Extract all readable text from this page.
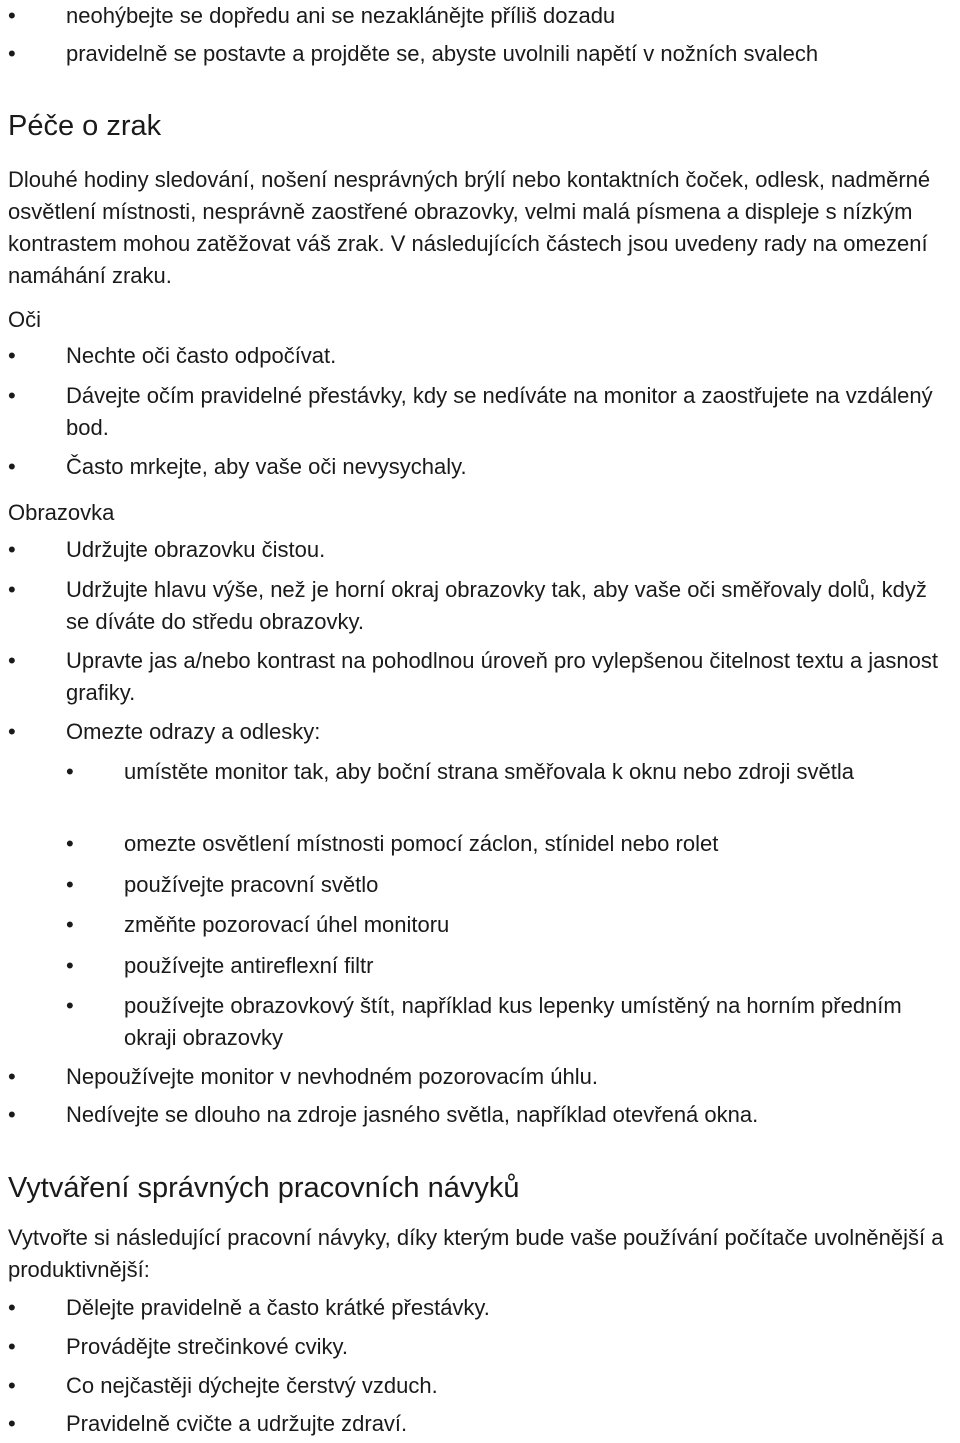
• neohýbejte se dopředu ani se nezaklánějte příliš dozadu
• pravidelně se postavte a projděte se, abyste uvolnili napětí v nožních svalech
Péče o zrak
Dlouhé hodiny sledování, nošení nesprávných brýlí nebo kontaktních čoček, odlesk, nadměrné osvětlení místnosti, nesprávně zaostřené obrazovky, velmi malá písmena a displeje s nízkým kontrastem mohou zatěžovat váš zrak. V následujících částech jsou uvedeny rady na omezení namáhání zraku.
Oči
• Nechte oči často odpočívat.
• Dávejte očím pravidelné přestávky, kdy se nedíváte na monitor a zaostřujete na vzdálený bod.
• Často mrkejte, aby vaše oči nevysychaly.
Obrazovka
• Udržujte obrazovku čistou.
• Udržujte hlavu výše, než je horní okraj obrazovky tak, aby vaše oči směřovaly dolů, když se díváte do středu obrazovky.
• Upravte jas a/nebo kontrast na pohodlnou úroveň pro vylepšenou čitelnost textu a jasnost grafiky.
• Omezte odrazy a odlesky:
• umístěte monitor tak, aby boční strana směřovala k oknu nebo zdroji světla
• omezte osvětlení místnosti pomocí záclon, stínidel nebo rolet
• používejte pracovní světlo
• změňte pozorovací úhel monitoru
• používejte antireflexní filtr
• používejte obrazovkový štít, například kus lepenky umístěný na horním předním okraji obrazovky
• Nepoužívejte monitor v nevhodném pozorovacím úhlu.
• Nedívejte se dlouho na zdroje jasného světla, například otevřená okna.
Vytváření správných pracovních návyků
Vytvořte si následující pracovní návyky, díky kterým bude vaše používání počítače uvolněnější a produktivnější:
• Dělejte pravidelně a často krátké přestávky.
• Provádějte strečinkové cviky.
• Co nejčastěji dýchejte čerstvý vzduch.
• Pravidelně cvičte a udržujte zdraví.
